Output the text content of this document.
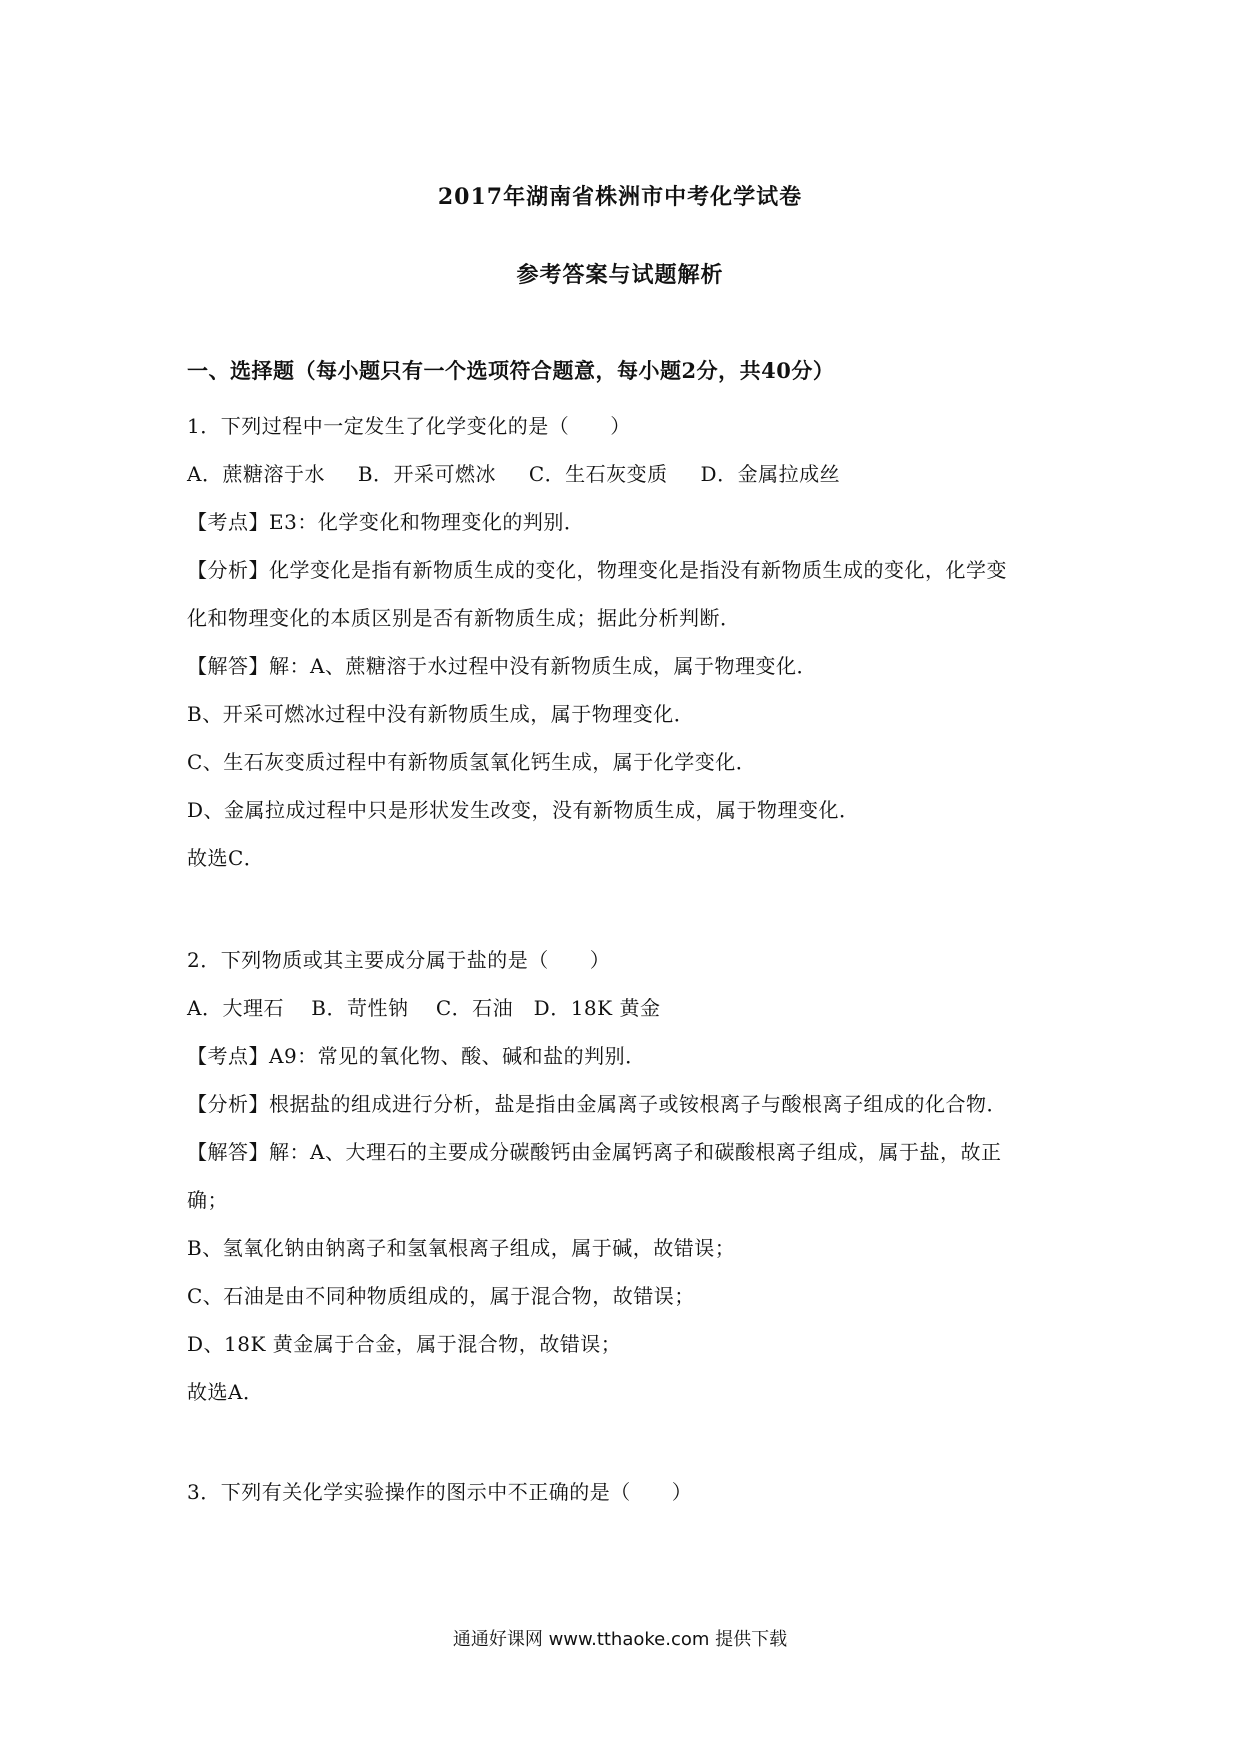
2017年湖南省株洲市中考化学试卷
参考答案与试题解析
一、选择题（每小题只有一个选项符合题意，每小题2分，共40分）
1．下列过程中一定发生了化学变化的是（　　）
A．蔗糖溶于水 B．开采可燃冰 C．生石灰变质 D．金属拉成丝
【考点】E3：化学变化和物理变化的判别．
【分析】化学变化是指有新物质生成的变化，物理变化是指没有新物质生成的变化，化学变
化和物理变化的本质区别是否有新物质生成；据此分析判断．
【解答】解：A、蔗糖溶于水过程中没有新物质生成，属于物理变化．
B、开采可燃冰过程中没有新物质生成，属于物理变化．
C、生石灰变质过程中有新物质氢氧化钙生成，属于化学变化．
D、金属拉成过程中只是形状发生改变，没有新物质生成，属于物理变化．
故选C．
2．下列物质或其主要成分属于盐的是（　　）
A．大理石　 B．苛性钠　 C．石油　D．18K 黄金
【考点】A9：常见的氧化物、酸、碱和盐的判别．
【分析】根据盐的组成进行分析，盐是指由金属离子或铵根离子与酸根离子组成的化合物．
【解答】解：A、大理石的主要成分碳酸钙由金属钙离子和碳酸根离子组成，属于盐，故正
确；
B、氢氧化钠由钠离子和氢氧根离子组成，属于碱，故错误；
C、石油是由不同种物质组成的，属于混合物，故错误；
D、18K 黄金属于合金，属于混合物，故错误；
故选A．
3．下列有关化学实验操作的图示中不正确的是（　　）
通通好课网 www.tthaoke.com 提供下载
